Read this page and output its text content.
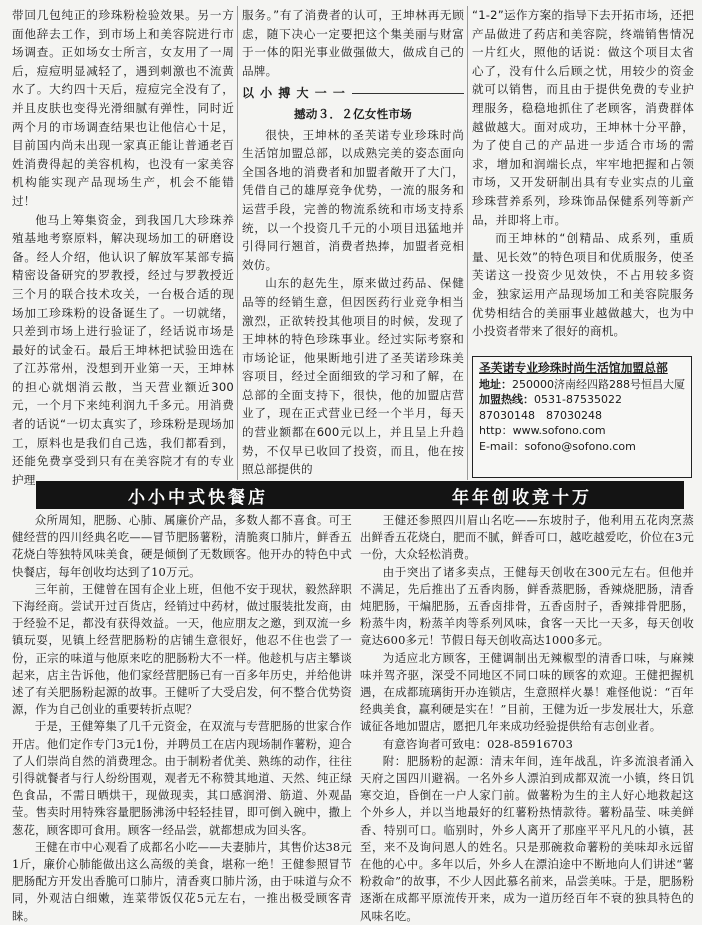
带回几包纯正的珍珠粉检验效果。另一方面他辞去工作，到市场上和美容院进行市场调查。正如场女士所言，女友用了一周后，痘痘明显减轻了，遇到刺激也不流黄水了。大约四十天后，痘痘完全没有了，并且皮肤也变得光滑细腻有弹性，同时近两个月的市场调查结果也让他信心十足，目前国内尚未出现一家真正能让普通老百姓消费得起的美容机构，也没有一家美容机构能实现产品现场生产，机会不能错过！

他马上筹集资金，到我国几大珍珠养殖基地考察原料，解决现场加工的研磨设备。经人介绍，他认识了解放军某部专搞精密设备研究的罗教授，经过与罗教授近三个月的联合技术攻关，一台极合适的现场加工珍珠粉的设备诞生了。一切就绪，只差到市场上进行验证了，经话说市场是最好的试金石。最后王坤林把试验田选在了江苏常州，没想到开业第一天，王坤林的担心就烟消云散，当天营业额近300元，一个月下来纯利润九千多元。用消费者的话说“一切太真实了，珍珠粉是现场加工，原料也是我们自己选，我们都看到，还能免费享受到只有在美容院才有的专业护理

服务。”有了消费者的认可，王坤林再无顾虑，随下决心一定要把这个集美丽与财富于一体的阳光事业做强做大，做成自己的品牌。

以 小 搏 大 一 一
撼动３．２亿女性市场

很快，王坤林的圣芙诺专业珍珠时尚生活馆加盟总部，以成熟完美的姿态面向全国各地的消费者和加盟者敞开了大门，凭借自己的雄厚竞争优势，一流的服务和运营手段，完善的物流系统和市场支持系统，以一个投资几千元的小项目迅猛地并引得同行翘首，消费者热捧，加盟者竞相效仿。

山东的赵先生，原来做过药品、保健品等的经销生意，但因医药行业竞争相当激烈，正欲转投其他项目的时候，发现了王坤林的特色珍珠事业。经过实际考察和市场论证，他果断地引进了圣芙诺珍珠美容项目，经过全面细致的学习和了解，在总部的全面支持下，很快，他的加盟店营业了，现在正式营业已经一个半月，每天的营业额都在600元以上，并且呈上升趋势，不仅早已收回了投资，而且，他在按照总部提供的

“1-2”运作方案的指导下去开拓市场，还把产品做进了药店和美容院，终端销售情况一片红火，照他的话说：做这个项目太省心了，没有什么后顾之忧，用较少的资金就可以销售，而且由于提供免费的专业护理服务，稳稳地抓住了老顾客，消费群体越做越大。面对成功，王坤林十分平静，为了使自己的产品进一步适合市场的需求，增加和润端长点，牢牢地把握和占领市场，又开发研制出具有专业实点的儿童珍珠营养系列，珍珠饰品保健系列等新产品，并即将上市。

而王坤林的“创精品、成系列，重质量、见长效”的特色项目和优质服务，使圣芙诺这一投资少见效快，不占用较多资金，独家运用产品现场加工和美容院服务优势相结合的美丽事业越做越大，也为中小投资者带来了很好的商机。

圣芙诺专业珍珠时尚生活馆加盟总部
地址：250000济南经四路288号恒昌大厦
加盟热线：0531-87535022　87030148　87030248
http：www.sofono.com
E-mail：sofono@sofono.com
小小中式快餐店	年年创收竞十万

众所周知，肥肠、心肺、属廉价产品，多数人都不喜食。可王健经营的四川经典名吃——冒节肥肠薯粉，清脆爽口肺片，鲜香五花烧白等独特风味美食，硬是倾倒了无数顾客。他开办的特色中式快餐店，每年创收均达到了10万元。

三年前，王健曾在国有企业上班，但他不安于现状，毅然辞职下海经商。尝试开过百货店，经销过中药材，做过服装批发商，由于经验不足，都没有获得效益。一天，他应朋友之邀，到双流一乡镇玩耍，见镇上经营肥肠粉的店铺生意很好，他忍不住也尝了一份，正宗的味道与他原来吃的肥肠粉大不一样。他趁机与店主攀谈起来，店主告诉他，他们家经营肥肠已有一百多年历史，并给他讲述了有关肥肠粉起源的故事。王健听了大受启发，何不整合优势资源，作为自己创业的重要转折点呢？

于是，王健筹集了几千元资金，在双流与专营肥肠的世家合作开店。他们定作专门3元1份，并聘员工在店内现场制作薯粉，迎合了人们崇尚自然的消费理念。由于制粉者优美、熟练的动作，往往引得就餐者与行人纷纷围观，观者无不称赞其地道、天然、纯正绿色食品，不需日晒烘干，现做现卖，其口感润滑、筋道、外观晶莹。售卖时用特殊容量肥肠沸汤中轻轻挂冒，即可倒入碗中，撒上葱花，顾客即可食用。顾客一经品尝，就都想成为回头客。

王健在市中心观看了成都名小吃——夫妻肺片，其售价达38元1斤，廉价心肺能做出这么高级的美食，堪称一绝！王健参照冒节肥肠配方开发出香脆可口肺片，清香爽口肺片汤，由于味道与众不同，外观洁白细嫩，连菜带饭仅花5元左右，一推出极受顾客青睐。

王健还参照四川眉山名吃——东坡肘子，他利用五花肉烹蒸出鲜香五花烧白，肥而不腻，鲜香可口，越吃越爱吃，价位在3元一份，大众轻松消费。

由于突出了诸多卖点，王健每天创收在300元左右。但他并不满足，先后推出了五香肉肠，鲜香蒸肥肠，香辣烧肥肠，清香炖肥肠，干煸肥肠，五香卤排骨，五香卤肘子，香辣排骨肥肠，粉蒸牛肉，粉蒸羊肉等系列风味，食客一天比一天多，每天创收竟达600多元！节假日每天创收高达1000多元。

为适应北方顾客，王健调制出无辣椒型的清香口味，与麻辣味并驾齐驱，深受不同地区不同口味的顾客的欢迎。王健把握机遇，在成都琉璃街开办连锁店，生意照样火暴！难怪他说：“百年经典美食，赢利硬是实在！”目前，王健为近一步发展壮大，乐意诚征各地加盟店，愿把几年来成功经验提供给有志创业者。

有意咨询者可致电：028-85916703

附：肥肠粉的起源：清末年间，连年战乱，许多流浪者涌入天府之国四川避祸。一名外乡人漂泊到成都双流一小镇，终日饥寒交迫，昏倒在一户人家门前。做薯粉为生的主人好心地救起这个外乡人，并以当地最好的红薯粉热情款待。薯粉晶莹、味美鲜香、特别可口。临别时，外乡人离开了那座平平凡凡的小镇，甚至，来不及询问恩人的姓名。只是那碗救命薯粉的美味却永远留在他的心中。多年以后，外乡人在漂泊途中不断地向人们讲述“薯粉救命”的故事，不少人因此慕名前来，品尝美味。于是，肥肠粉逐渐在成都平原流传开来，成为一道历经百年不衰的独具特色的风味名吃。
